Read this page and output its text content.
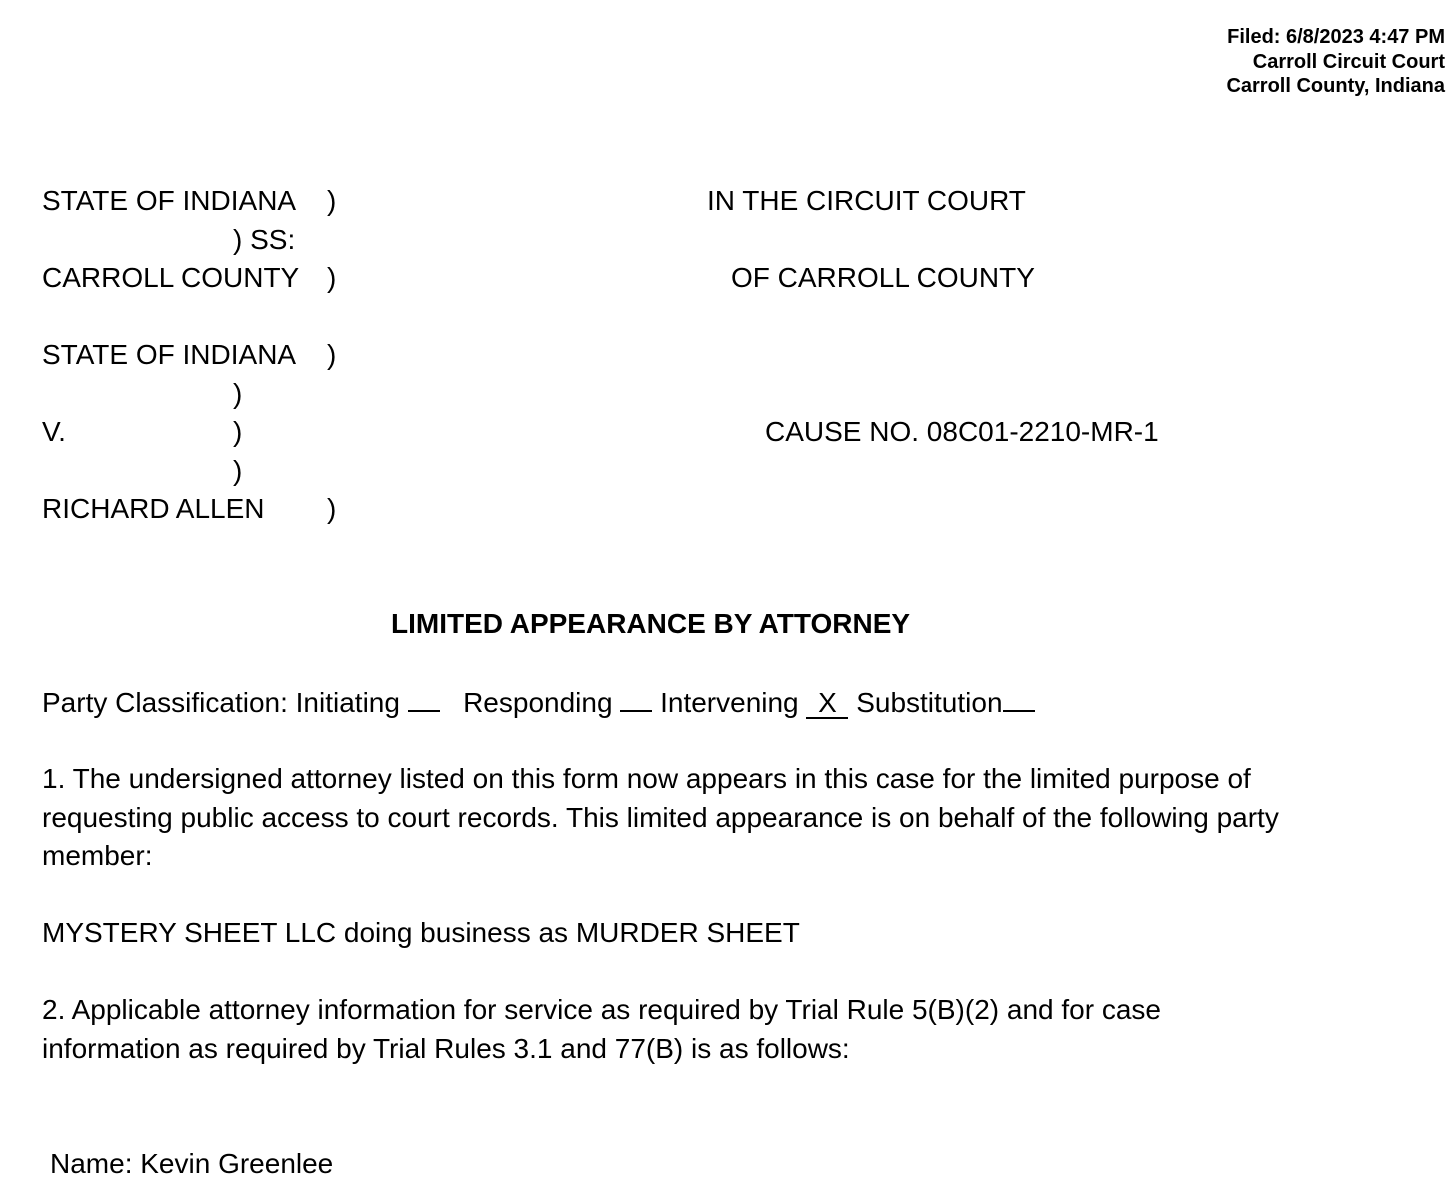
Filed: 6/8/2023 4:47 PM
Carroll Circuit Court
Carroll County, Indiana
STATE OF INDIANA )
) SS:
CARROLL COUNTY )
IN THE CIRCUIT COURT
OF CARROLL COUNTY
STATE OF INDIANA )
)
V.	)
)
RICHARD ALLEN )
CAUSE NO. 08C01-2210-MR-1
LIMITED APPEARANCE BY ATTORNEY
Party Classification: Initiating Responding Intervening X Substitution
1. The undersigned attorney listed on this form now appears in this case for the limited purpose of requesting public access to court records. This limited appearance is on behalf of the following party member:
MYSTERY SHEET LLC doing business as MURDER SHEET
2. Applicable attorney information for service as required by Trial Rule 5(B)(2) and for case information as required by Trial Rules 3.1 and 77(B) is as follows:
Name: Kevin Greenlee
